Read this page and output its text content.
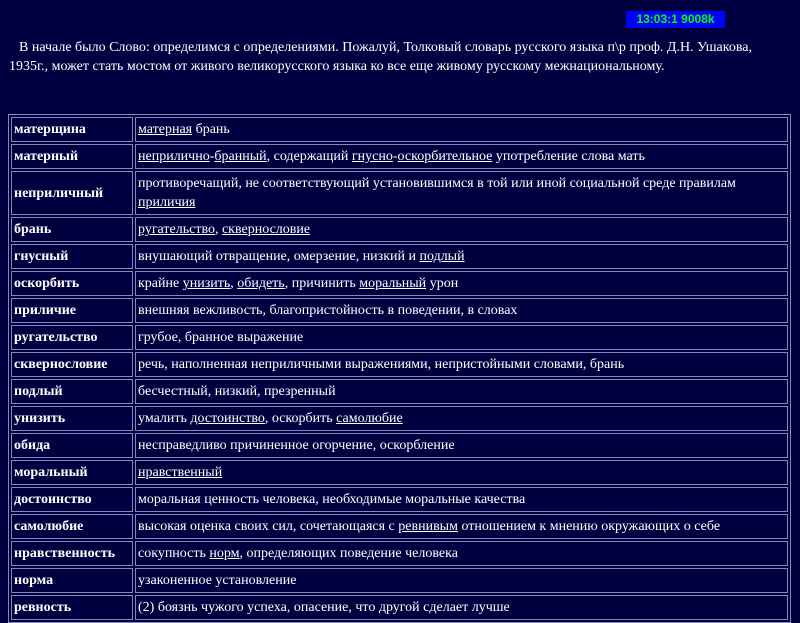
13:03:1 9008k

В начале было Слово: определимся с определениями. Пожалуй, Толковый словарь русского языка п\р проф. Д.Н. Ушакова, 1935г., может стать мостом от живого великорусского языка ко все еще живому русскому межнациональному.

матерщина	матерная брань
матерный	неприлично-бранный, содержащий гнусно-оскорбительное употребление слова мать
неприличный	противоречащий, не соответствующий установившимся в той или иной социальной среде правилам приличия
брань	ругательство, сквернословие
гнусный	внушающий отвращение, омерзение, низкий и подлый
оскорбить	крайне унизить, обидеть, причинить моральный урон
приличие	внешняя вежливость, благопристойность в поведении, в словах
ругательство	грубое, бранное выражение
сквернословие	речь, наполненная неприличными выражениями, непристойными словами, брань
подлый	бесчестный, низкий, презренный
унизить	умалить достоинство, оскорбить самолюбие
обида	несправедливо причиненное огорчение, оскорбление
моральный	нравственный
достоинство	моральная ценность человека, необходимые моральные качества
самолюбие	высокая оценка своих сил, сочетающаяся с ревнивым отношением к мнению окружающих о себе
нравственность	сокупность норм, определяющих поведение человека
норма	узаконенное установление
ревность	(2) боязнь чужого успеха, опасение, что другой сделает лучше
